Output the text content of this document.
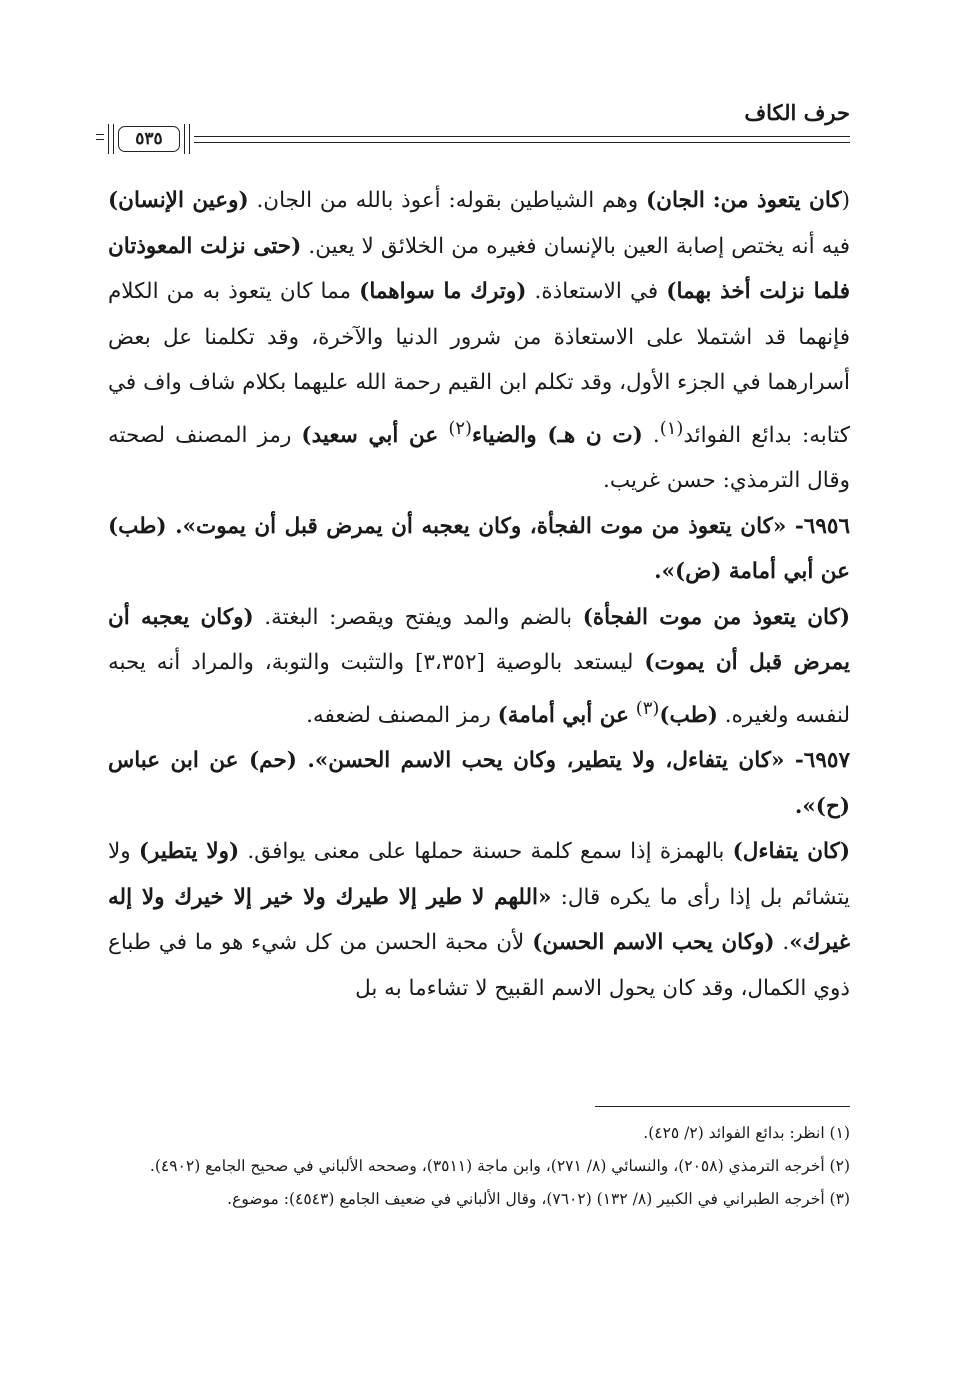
حرف الكاف
٥٣٥

(كان يتعوذ من: الجان) وهم الشياطين بقوله: أعوذ بالله من الجان. (وعين الإنسان) فيه أنه يختص إصابة العين بالإنسان فغيره من الخلائق لا يعين. (حتى نزلت المعوذتان فلما نزلت أخذ بهما) في الاستعاذة. (وترك ما سواهما) مما كان يتعوذ به من الكلام فإنهما قد اشتملا على الاستعاذة من شرور الدنيا والآخرة، وقد تكلمنا عل بعض أسرارهما في الجزء الأول، وقد تكلم ابن القيم رحمة الله عليهما بكلام شاف واف في كتابه: بدائع الفوائد$^{(١)}$. (ت ن هـ) والضياء$^{(٢)}$ عن أبي سعيد) رمز المصنف لصحته وقال الترمذي: حسن غريب.

٦٩٥٦- «كان يتعوذ من موت الفجأة، وكان يعجبه أن يمرض قبل أن يموت». (طب) عن أبي أمامة (ض)».

(كان يتعوذ من موت الفجأة) بالضم والمد ويفتح ويقصر: البغتة. (وكان يعجبه أن يمرض قبل أن يموت) ليستعد بالوصية [٣،٣٥٢] والتثبت والتوبة، والمراد أنه يحبه لنفسه ولغيره. (طب)$^{(٣)}$ عن أبي أمامة) رمز المصنف لضعفه.

٦٩٥٧- «كان يتفاءل، ولا يتطير، وكان يحب الاسم الحسن». (حم) عن ابن عباس (ح)».

(كان يتفاءل) بالهمزة إذا سمع كلمة حسنة حملها على معنى يوافق. (ولا يتطير) ولا يتشائم بل إذا رأى ما يكره قال: «اللهم لا طير إلا طيرك ولا خير إلا خيرك ولا إله غيرك». (وكان يحب الاسم الحسن) لأن محبة الحسن من كل شيء هو ما في طباع ذوي الكمال، وقد كان يحول الاسم القبيح لا تشاءما به بل

(١) انظر: بدائع الفوائد (٢/ ٤٢٥).

(٢) أخرجه الترمذي (٢٠٥٨)، والنسائي (٨/ ٢٧١)، وابن ماجة (٣٥١١)، وصححه الألباني في صحيح الجامع (٤٩٠٢).

(٣) أخرجه الطبراني في الكبير (٨/ ١٣٢) (٧٦٠٢)، وقال الألباني في ضعيف الجامع (٤٥٤٣): موضوع.
